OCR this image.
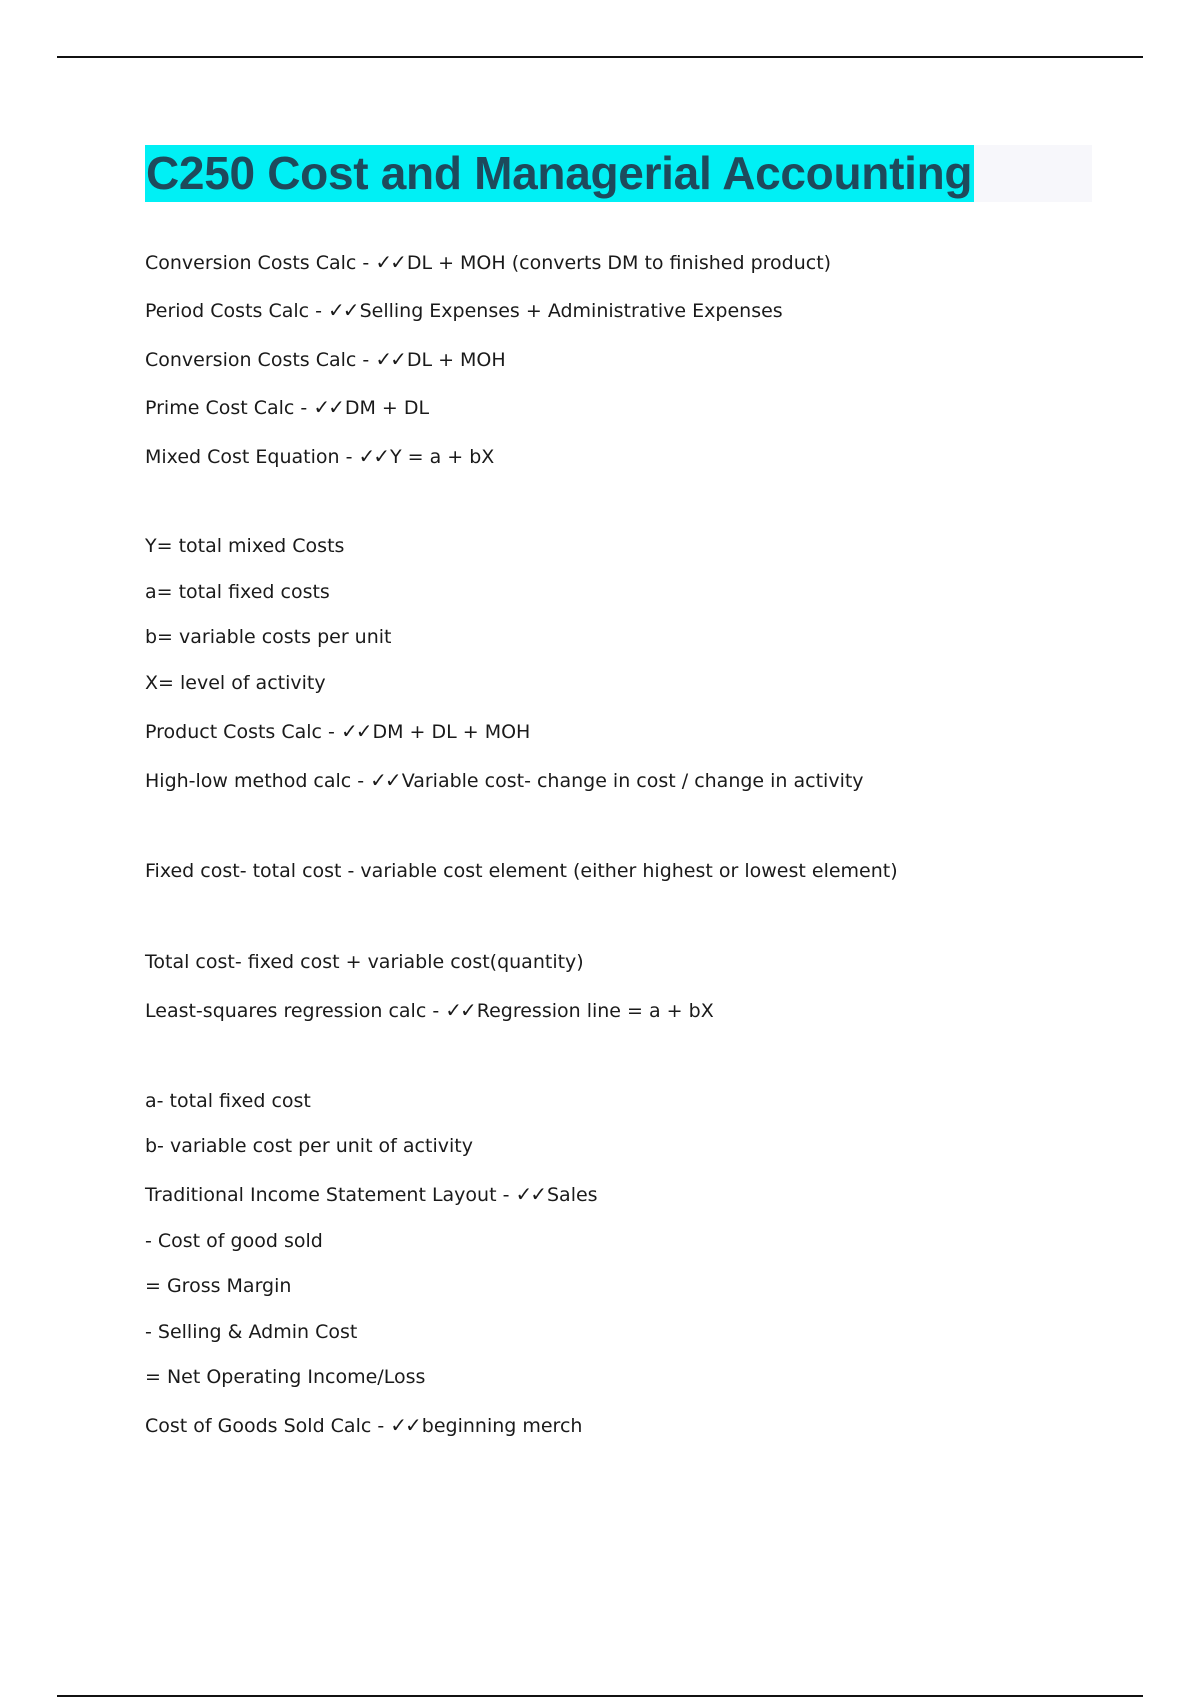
C250 Cost and Managerial Accounting

Conversion Costs Calc - ✓✓ DL + MOH (converts DM to finished product)

Period Costs Calc - ✓✓ Selling Expenses + Administrative Expenses

Conversion Costs Calc - ✓✓ DL + MOH

Prime Cost Calc - ✓✓ DM + DL

Mixed Cost Equation - ✓✓ Y = a + bX

Y= total mixed Costs

a= total fixed costs

b= variable costs per unit

X= level of activity

Product Costs Calc - ✓✓ DM + DL + MOH

High-low method calc - ✓✓ Variable cost- change in cost / change in activity

Fixed cost- total cost - variable cost element (either highest or lowest element)

Total cost- fixed cost + variable cost(quantity)

Least-squares regression calc - ✓✓ Regression line = a + bX

a- total fixed cost

b- variable cost per unit of activity

Traditional Income Statement Layout - ✓✓ Sales

- Cost of good sold

= Gross Margin

- Selling & Admin Cost

= Net Operating Income/Loss

Cost of Goods Sold Calc - ✓✓ beginning merch
